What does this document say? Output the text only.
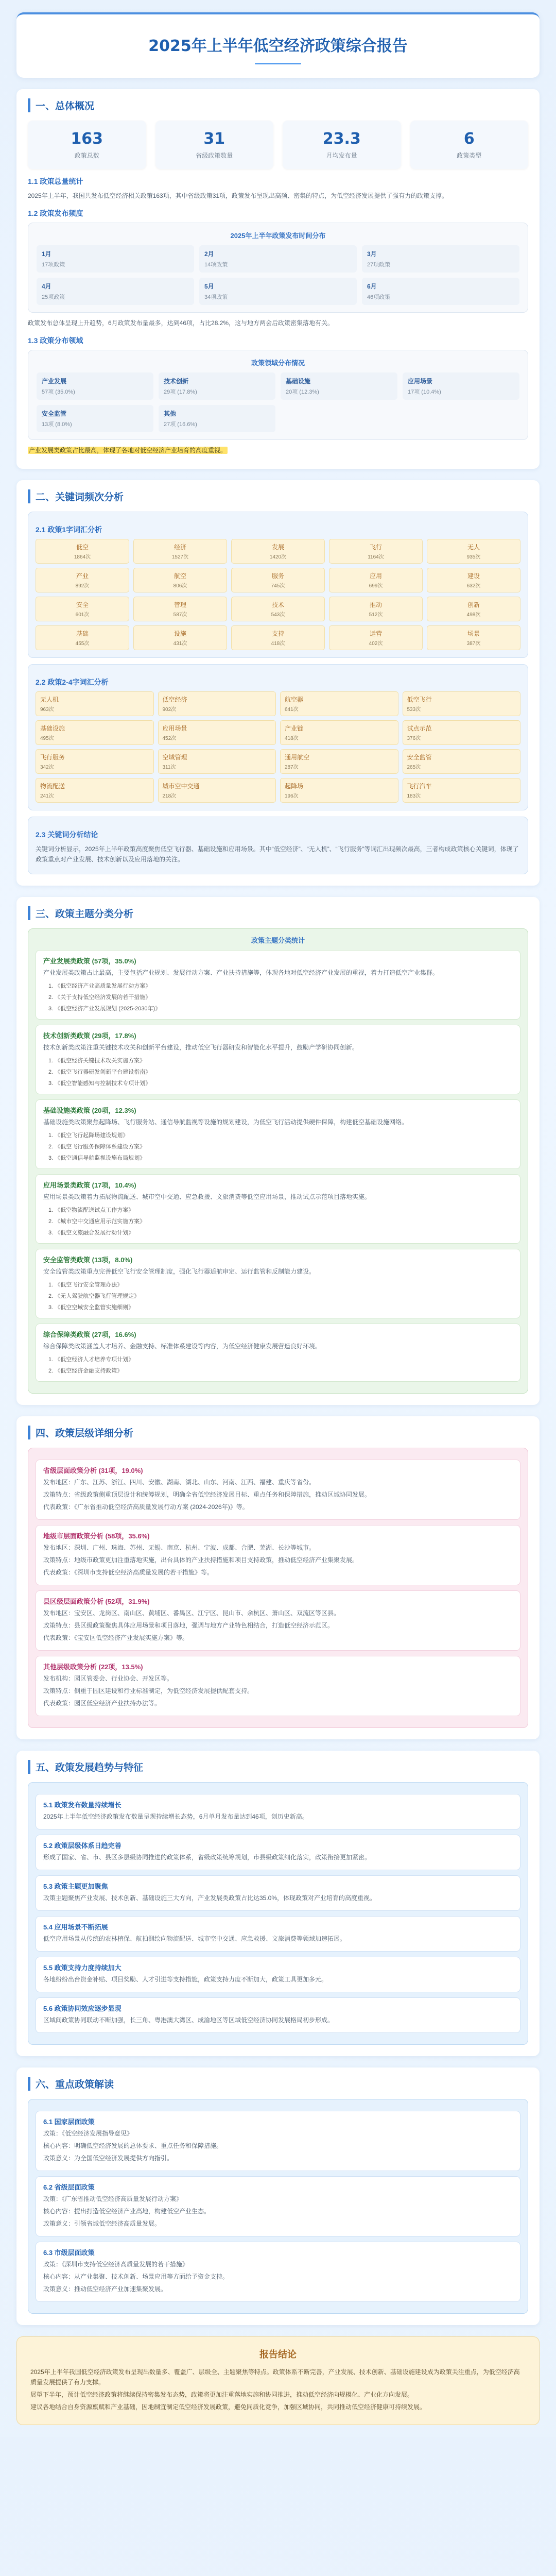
2025年上半年低空经济政策综合报告
一、总体概况
163
政策总数
31
省级政策数量
23.3
月均发布量
6
政策类型
1.1 政策总量统计
2025年上半年，我国共发布低空经济相关政策163项，其中省级政策31项，政策发布呈现出高频、密集的特点，为低空经济发展提供了强有力的政策支撑。
1.2 政策发布频度
2025年上半年政策发布时间分布
1月
17项政策
2月
14项政策
3月
27项政策
4月
25项政策
5月
34项政策
6月
46项政策
政策发布总体呈现上升趋势，6月政策发布量最多，达到46项，占比28.2%，这与地方两会后政策密集落地有关。
1.3 政策分布领域
政策领域分布情况
产业发展
57项 (35.0%)
技术创新
29项 (17.8%)
基础设施
20项 (12.3%)
应用场景
17项 (10.4%)
安全监管
13项 (8.0%)
其他
27项 (16.6%)
产业发展类政策占比最高，体现了各地对低空经济产业培育的高度重视。
二、关键词频次分析
2.1 政策1字词汇分析
低空
1864次
经济
1527次
发展
1420次
飞行
1164次
无人
935次
产业
892次
航空
806次
服务
745次
应用
699次
建设
632次
安全
601次
管理
587次
技术
543次
推动
512次
创新
498次
基础
455次
设施
431次
支持
418次
运营
402次
场景
387次
2.2 政策2-4字词汇分析
无人机
963次
低空经济
902次
航空器
641次
低空飞行
533次
基础设施
495次
应用场景
452次
产业链
418次
试点示范
376次
飞行服务
342次
空域管理
311次
通用航空
287次
安全监管
265次
物流配送
241次
城市空中交通
218次
起降场
196次
飞行汽车
183次
2.3 关键词分析结论
关键词分析显示，2025年上半年政策高度聚焦低空飞行器、基础设施和应用场景。其中“低空经济”、“无人机”、“飞行服务”等词汇出现频次最高，三者构成政策核心关键词，体现了政策重点对产业发展、技术创新以及应用落地的关注。
三、政策主题分类分析
政策主题分类统计
产业发展类政策 (57项，35.0%)
产业发展类政策占比最高，主要包括产业规划、发展行动方案、产业扶持措施等，体现各地对低空经济产业发展的重视，着力打造低空产业集群。
1. 《低空经济产业高质量发展行动方案》
2. 《关于支持低空经济发展的若干措施》
3. 《低空经济产业发展规划 (2025-2030年)》
技术创新类政策 (29项，17.8%)
技术创新类政策注重关键技术攻关和创新平台建设，推动低空飞行器研发和智能化水平提升，鼓励产学研协同创新。
1. 《低空经济关键技术攻关实施方案》
2. 《低空飞行器研发创新平台建设指南》
3. 《低空智能感知与控制技术专项计划》
基础设施类政策 (20项，12.3%)
基础设施类政策聚焦起降场、飞行服务站、通信导航监视等设施的规划建设，为低空飞行活动提供硬件保障，构建低空基础设施网络。
1. 《低空飞行起降场建设规划》
2. 《低空飞行服务保障体系建设方案》
3. 《低空通信导航监视设施布局规划》
应用场景类政策 (17项，10.4%)
应用场景类政策着力拓展物流配送、城市空中交通、应急救援、文旅消费等低空应用场景，推动试点示范项目落地实施。
1. 《低空物流配送试点工作方案》
2. 《城市空中交通应用示范实施方案》
3. 《低空文旅融合发展行动计划》
安全监管类政策 (13项，8.0%)
安全监管类政策重点完善低空飞行安全管理制度，强化飞行器适航审定、运行监管和反制能力建设。
1. 《低空飞行安全管理办法》
2. 《无人驾驶航空器飞行管理规定》
3. 《低空空域安全监管实施细则》
综合保障类政策 (27项，16.6%)
综合保障类政策涵盖人才培养、金融支持、标准体系建设等内容，为低空经济健康发展营造良好环境。
1. 《低空经济人才培养专项计划》
2. 《低空经济金融支持政策》
四、政策层级详细分析
省级层面政策分析 (31项，19.0%)
发布地区：广东、江苏、浙江、四川、安徽、湖南、湖北、山东、河南、江西、福建、重庆等省份。
政策特点：省级政策侧重顶层设计和统筹规划，明确全省低空经济发展目标、重点任务和保障措施，推动区域协同发展。
代表政策：《广东省推动低空经济高质量发展行动方案 (2024-2026年)》等。
地级市层面政策分析 (58项，35.6%)
发布地区：深圳、广州、珠海、苏州、无锡、南京、杭州、宁波、成都、合肥、芜湖、长沙等城市。
政策特点：地级市政策更加注重落地实施，出台具体的产业扶持措施和项目支持政策，推动低空经济产业集聚发展。
代表政策：《深圳市支持低空经济高质量发展的若干措施》等。
县区级层面政策分析 (52项，31.9%)
发布地区：宝安区、龙岗区、南山区、黄埔区、番禺区、江宁区、昆山市、余杭区、萧山区、双流区等区县。
政策特点：县区级政策聚焦具体应用场景和项目落地，强调与地方产业特色相结合，打造低空经济示范区。
代表政策：《宝安区低空经济产业发展实施方案》等。
其他层级政策分析 (22项，13.5%)
发布机构：园区管委会、行业协会、开发区等。
政策特点：侧重于园区建设和行业标准制定，为低空经济发展提供配套支持。
代表政策：园区低空经济产业扶持办法等。
五、政策发展趋势与特征
5.1 政策发布数量持续增长
2025年上半年低空经济政策发布数量呈现持续增长态势，6月单月发布量达到46项，创历史新高。
5.2 政策层级体系日趋完善
形成了国家、省、市、县区多层级协同推进的政策体系，省级政策统筹规划，市县级政策细化落实，政策衔接更加紧密。
5.3 政策主题更加聚焦
政策主题聚焦产业发展、技术创新、基础设施三大方向，产业发展类政策占比达35.0%，体现政策对产业培育的高度重视。
5.4 应用场景不断拓展
低空应用场景从传统的农林植保、航拍测绘向物流配送、城市空中交通、应急救援、文旅消费等领域加速拓展。
5.5 政策支持力度持续加大
各地纷纷出台资金补贴、项目奖励、人才引进等支持措施，政策支持力度不断加大，政策工具更加多元。
5.6 政策协同效应逐步显现
区域间政策协同联动不断加强，长三角、粤港澳大湾区、成渝地区等区域低空经济协同发展格局初步形成。
六、重点政策解读
6.1 国家层面政策
政策：《低空经济发展指导意见》
核心内容：明确低空经济发展的总体要求、重点任务和保障措施。
政策意义：为全国低空经济发展提供方向指引。
6.2 省级层面政策
政策：《广东省推动低空经济高质量发展行动方案》
核心内容：提出打造低空经济产业高地，构建低空产业生态。
政策意义：引领省域低空经济高质量发展。
6.3 市级层面政策
政策：《深圳市支持低空经济高质量发展的若干措施》
核心内容：从产业集聚、技术创新、场景应用等方面给予资金支持。
政策意义：推动低空经济产业加速集聚发展。
报告结论
2025年上半年我国低空经济政策发布呈现出数量多、覆盖广、层级全、主题聚焦等特点。政策体系不断完善，产业发展、技术创新、基础设施建设成为政策关注重点，为低空经济高质量发展提供了有力支撑。
展望下半年，预计低空经济政策将继续保持密集发布态势，政策将更加注重落地实施和协同推进，推动低空经济向规模化、产业化方向发展。
建议各地结合自身资源禀赋和产业基础，因地制宜制定低空经济发展政策，避免同质化竞争，加强区域协同，共同推动低空经济健康可持续发展。
